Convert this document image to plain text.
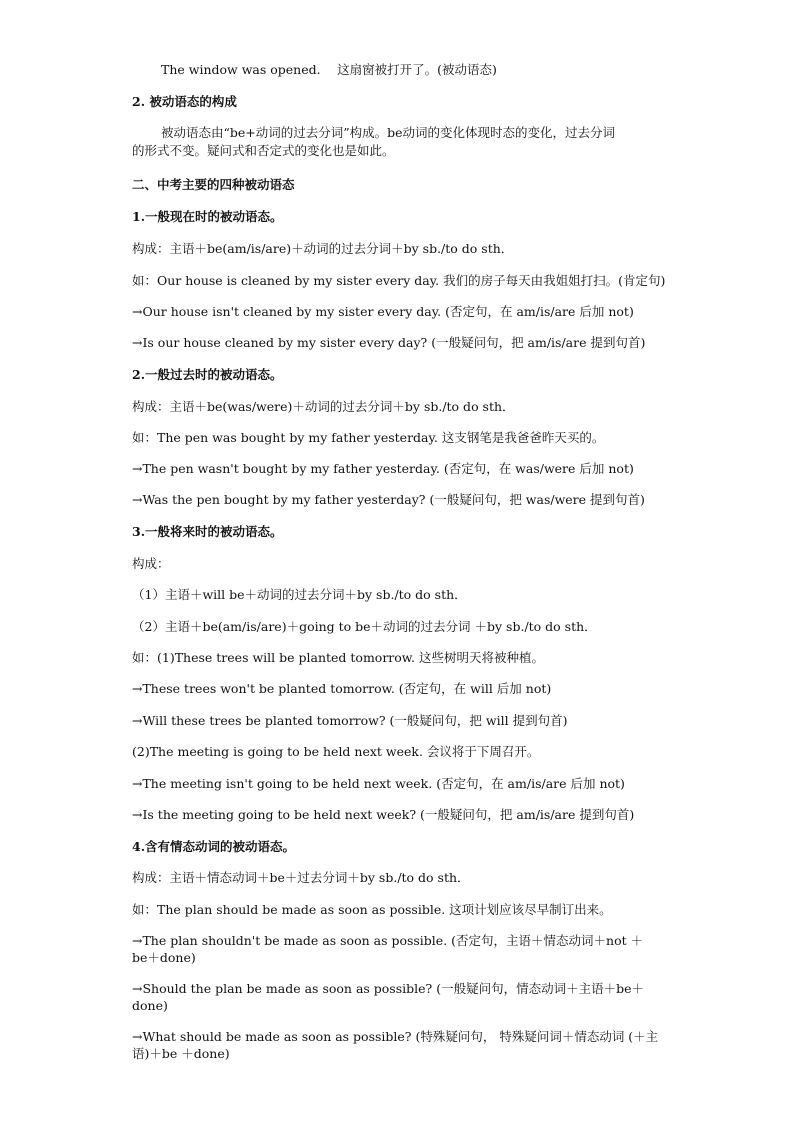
The window was opened.　 这扇窗被打开了。(被动语态)
2. 被动语态的构成
被动语态由“be+动词的过去分词”构成。be动词的变化体现时态的变化，过去分词
的形式不变。疑问式和否定式的变化也是如此。
二、中考主要的四种被动语态
1.一般现在时的被动语态。
构成：主语＋be(am/is/are)＋动词的过去分词＋by sb./to do sth．
如：Our house is cleaned by my sister every day. 我们的房子每天由我姐姐打扫。(肯定句)
→Our house isn't cleaned by my sister every day. (否定句，在 am/is/are 后加 not)
→Is our house cleaned by my sister every day? (一般疑问句，把 am/is/are 提到句首)
2.一般过去时的被动语态。
构成：主语＋be(was/were)＋动词的过去分词＋by sb./to do sth．
如：The pen was bought by my father yesterday. 这支钢笔是我爸爸昨天买的。
→The pen wasn't bought by my father yesterday. (否定句，在 was/were 后加 not)
→Was the pen bought by my father yesterday? (一般疑问句，把 was/were 提到句首)
3.一般将来时的被动语态。
构成：
（1）主语＋will be＋动词的过去分词＋by sb./to do sth．
（2）主语＋be(am/is/are)＋going to be＋动词的过去分词 ＋by sb./to do sth．
如：(1)These trees will be planted tomorrow. 这些树明天将被种植。
→These trees won't be planted tomorrow. (否定句，在 will 后加 not)
→Will these trees be planted tomorrow? (一般疑问句，把 will 提到句首)
(2)The meeting is going to be held next week. 会议将于下周召开。
→The meeting isn't going to be held next week. (否定句，在 am/is/are 后加 not)
→Is the meeting going to be held next week? (一般疑问句，把 am/is/are 提到句首)
4.含有情态动词的被动语态。
构成：主语＋情态动词＋be＋过去分词＋by sb./to do sth．
如：The plan should be made as soon as possible. 这项计划应该尽早制订出来。
→The plan shouldn't be made as soon as possible. (否定句，主语＋情态动词＋not ＋ be＋done)
→Should the plan be made as soon as possible? (一般疑问句，情态动词＋主语＋be＋done)
→What should be made as soon as possible? (特殊疑问句， 特殊疑问词＋情态动词 (＋主语)＋be ＋done)
